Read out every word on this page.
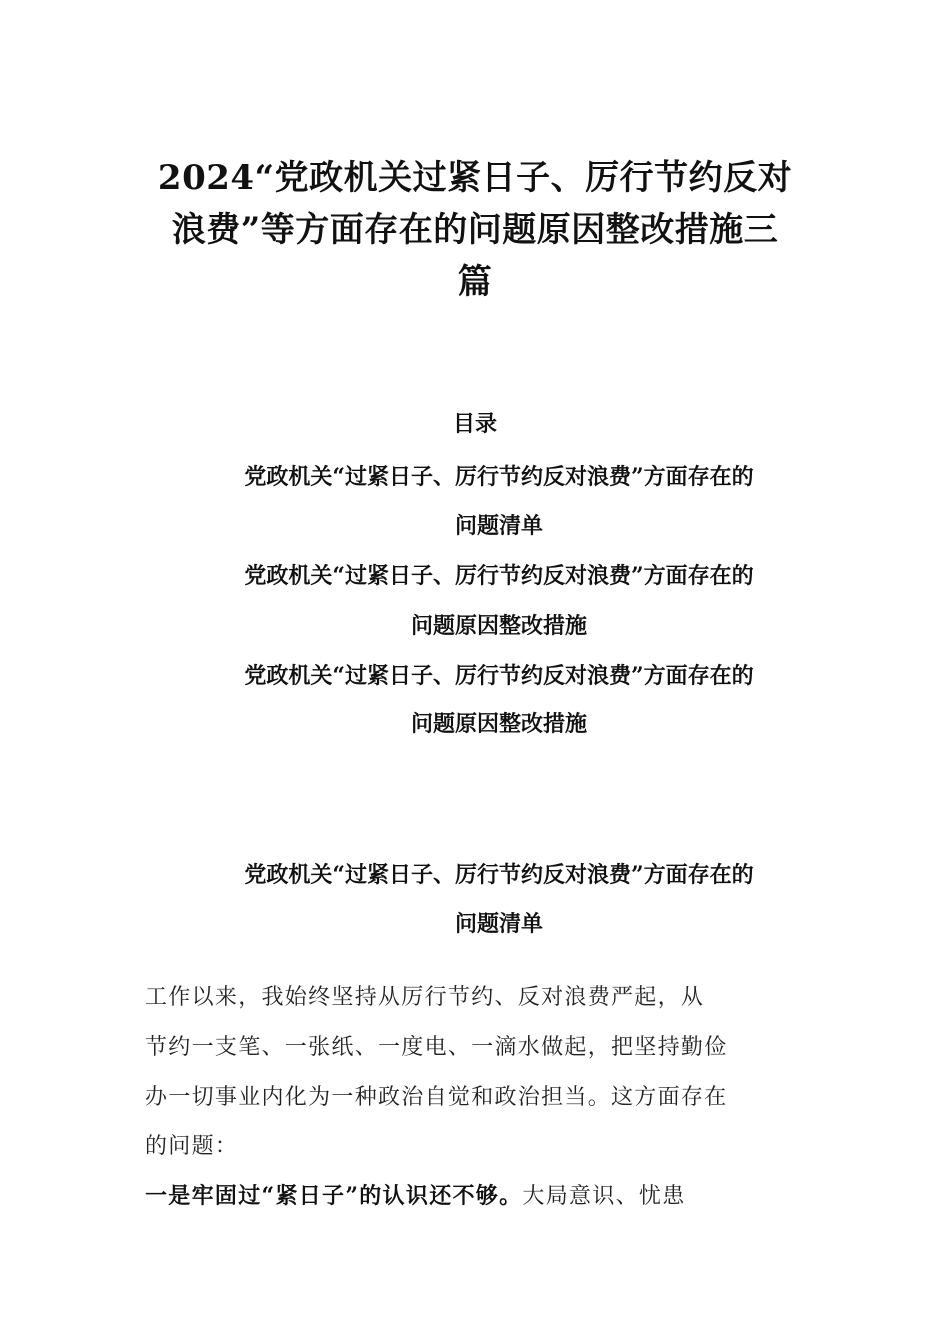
2024“党政机关过紧日子、厉行节约反对
浪费”等方面存在的问题原因整改措施三
篇
目录
党政机关“过紧日子、厉行节约反对浪费”方面存在的
问题清单
党政机关“过紧日子、厉行节约反对浪费”方面存在的
问题原因整改措施
党政机关“过紧日子、厉行节约反对浪费”方面存在的
问题原因整改措施
党政机关“过紧日子、厉行节约反对浪费”方面存在的
问题清单
工作以来，我始终坚持从厉行节约、反对浪费严起，从
节约一支笔、一张纸、一度电、一滴水做起，把坚持勤俭
办一切事业内化为一种政治自觉和政治担当。这方面存在
的问题：
一是牢固过“紧日子”的认识还不够。大局意识、忧患
